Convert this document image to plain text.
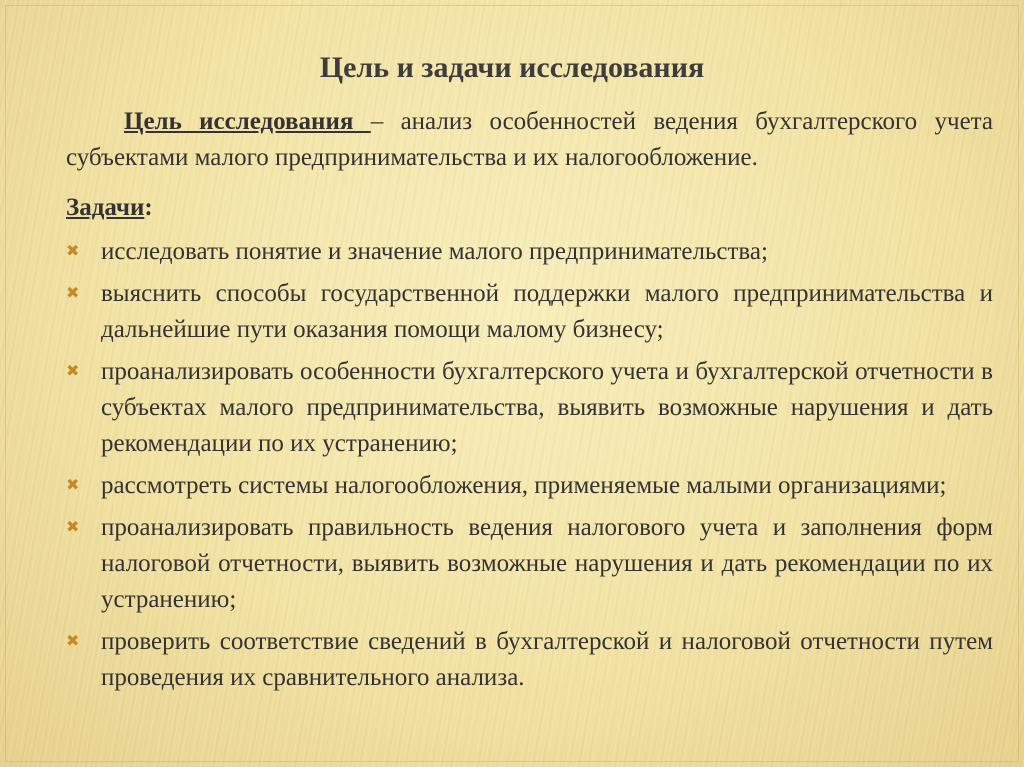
Цель и задачи исследования

Цель исследования – анализ особенностей ведения бухгалтерского учета субъектами малого предпринимательства и их налогообложение.

Задачи:

✖ исследовать понятие и значение малого предпринимательства;
✖ выяснить способы государственной поддержки малого предпринимательства и дальнейшие пути оказания помощи малому бизнесу;
✖ проанализировать особенности бухгалтерского учета и бухгалтерской отчетности в субъектах малого предпринимательства, выявить возможные нарушения и дать рекомендации по их устранению;
✖ рассмотреть системы налогообложения, применяемые малыми организациями;
✖ проанализировать правильность ведения налогового учета и заполнения форм налоговой отчетности, выявить возможные нарушения и дать рекомендации по их устранению;
✖ проверить соответствие сведений в бухгалтерской и налоговой отчетности путем проведения их сравнительного анализа.
